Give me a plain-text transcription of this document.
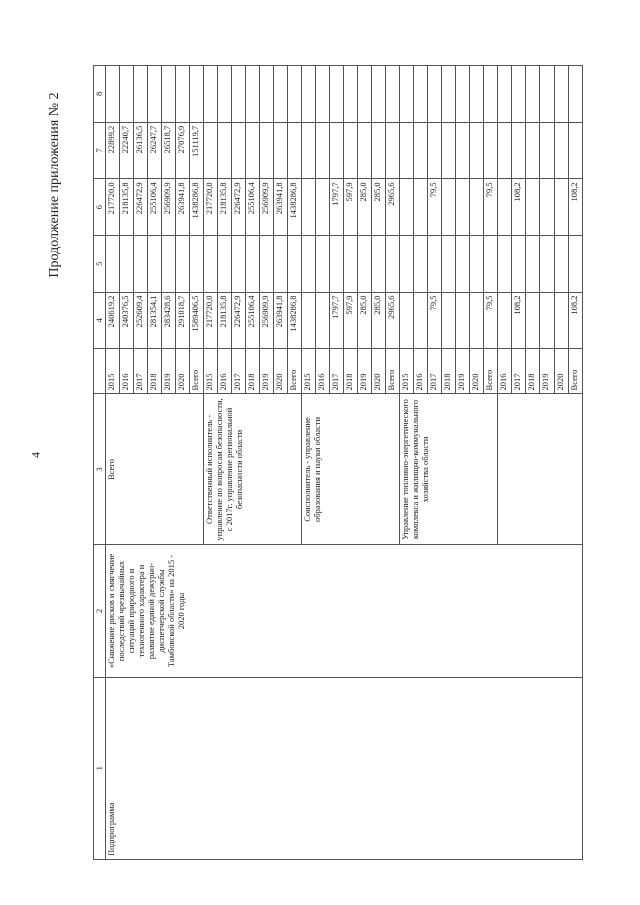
4
Продолжение приложения № 2
1	2	3		4	5	6	7	8
Подпрограмма	«Снижение рисков и смягчение последствий чрезвычайных ситуаций природного и техногенного характера и развитие единой дежурно-диспетчерской службы Тамбовской области» на 2015 - 2020 годы	Всего	2015	240619,2		217720,0	22899,2	
			2016	240376,5		218135,8	22240,7	
			2017	252609,4		226472,9	26136,5	
			2018	281354,1		255106,4	26247,7	
			2019	283428,6		256909,9	26518,7	
			2020	291018,7		263941,8	27076,9	
			Всего	1589406,5		1438286,8	151119,7	
		Ответственный исполнитель - управление по вопросам безопасности, с 2017г. управление региональной безопасности области	2015	217720,0		217720,0		
			2016	218135,8		218135,8		
			2017	226472,9		226472,9		
			2018	255106,4		255106,4		
			2019	256909,9		256909,9		
			2020	263941,8		263941,8		
			Всего	1438286,8		1438286,8		
		Соисполнитель - управление образования и науки области	2015					
			2016					
			2017	1797,7		1797,7		
			2018	597,9		597,9		
			2019	285,0		285,0		
			2020	285,0		285,0		
			Всего	2965,6		2965,6		
		Управление топливно-энергетического комплекса и жилищно-коммунального хозяйства области	2015					
			2016					
			2017	79,5		79,5		
			2018					
			2019					
			2020					
			Всего	79,5		79,5		
			2016					
			2017	108,2		108,2		
			2018					
			2019					
			2020					
			Всего	108,2		108,2		
